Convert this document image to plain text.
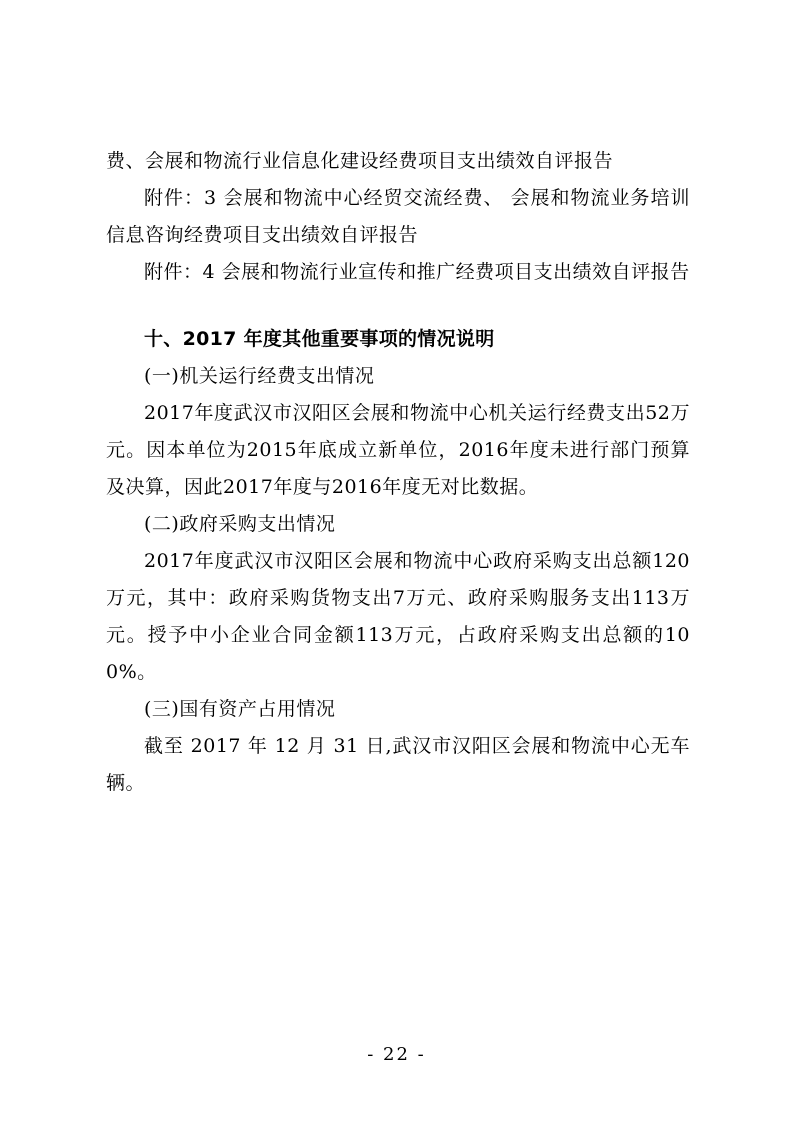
费、会展和物流行业信息化建设经费项目支出绩效自评报告

附件：3 会展和物流中心经贸交流经费、 会展和物流业务培训信息咨询经费项目支出绩效自评报告

附件：4 会展和物流行业宣传和推广经费项目支出绩效自评报告

十、2017 年度其他重要事项的情况说明

(一)机关运行经费支出情况

2017年度武汉市汉阳区会展和物流中心机关运行经费支出52万元。因本单位为2015年底成立新单位，2016年度未进行部门预算及决算，因此2017年度与2016年度无对比数据。

(二)政府采购支出情况

2017年度武汉市汉阳区会展和物流中心政府采购支出总额120万元，其中：政府采购货物支出7万元、政府采购服务支出113万元。授予中小企业合同金额113万元，占政府采购支出总额的100%。

(三)国有资产占用情况

截至 2017 年 12 月 31 日,武汉市汉阳区会展和物流中心无车辆。

- 22 -
